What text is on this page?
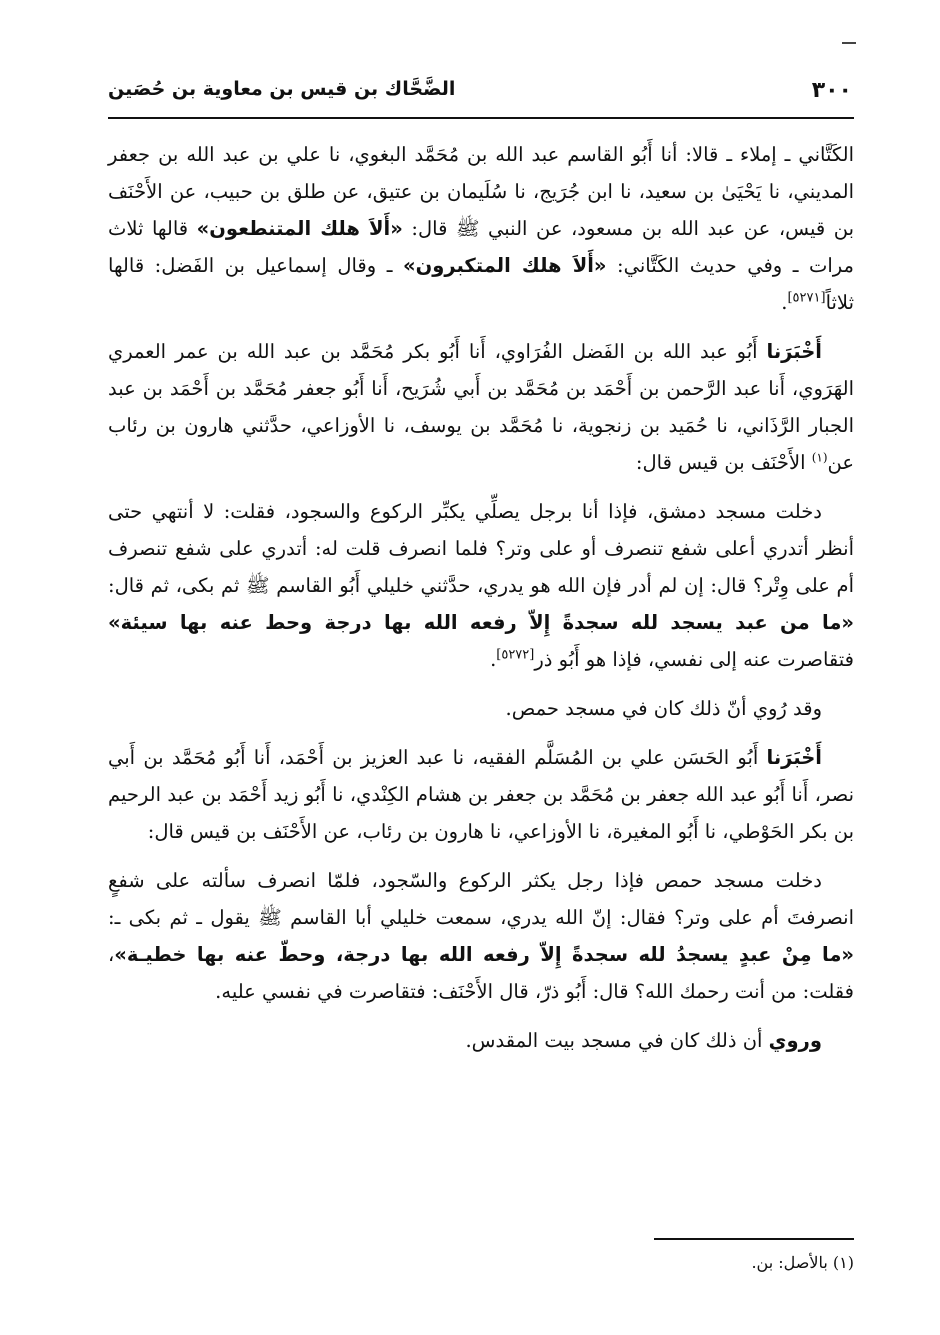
٣٠٠
الضَّحَّاك بن قيس بن معاوية بن حُصَين

الكَتَّاني ـ إملاء ـ قالا: أنا أَبُو القاسم عبد الله بن مُحَمَّد البغوي، نا علي بن عبد الله بن جعفر المديني، نا يَحْيَىٰ بن سعيد، نا ابن جُرَيج، نا سُلَيمان بن عتيق، عن طلق بن حبيب، عن الأَحْنَف بن قيس، عن عبد الله بن مسعود، عن النبي ﷺ قال: «أَلاَ هلك المتنطعون» قالها ثلاث مرات ـ وفي حديث الكَتَّاني: «أَلاَ هلك المتكبرون» ـ وقال إسماعيل بن الفَضل: قالها ثلاثاً[٥٢٧١].

أَخْبَرَنا أَبُو عبد الله بن الفَضل الفُرَاوي، أَنا أَبُو بكر مُحَمَّد بن عبد الله بن عمر العمري الهَرَوي، أَنا عبد الرَّحمن بن أَحْمَد بن مُحَمَّد بن أَبي شُرَيح، أَنا أَبُو جعفر مُحَمَّد بن أَحْمَد بن عبد الجبار الرَّذَاني، نا حُمَيد بن زنجوية، نا مُحَمَّد بن يوسف، نا الأوزاعي، حدَّثني هارون بن رئاب عن$^{(١)}$ الأَحْنَف بن قيس قال:

دخلت مسجد دمشق، فإذا أنا برجل يصلِّي يكبِّر الركوع والسجود، فقلت: لا أنتهي حتى أنظر أتدري أعلى شفع تنصرف أو على وتر؟ فلما انصرف قلت له: أتدري على شفع تنصرف أم على وِتْر؟ قال: إن لم أدر فإن الله هو يدري، حدَّثني خليلي أَبُو القاسم ﷺ ثم بكى، ثم قال: «ما من عبد يسجد لله سجدةً إِلاّ رفعه الله بها درجة وحط عنه بها سيئة» فتقاصرت عنه إلى نفسي، فإذا هو أَبُو ذر[٥٢٧٢].

وقد رُوي أنّ ذلك كان في مسجد حمص.

أَخْبَرَنا أَبُو الحَسَن علي بن المُسَلَّم الفقيه، نا عبد العزيز بن أَحْمَد، أَنا أَبُو مُحَمَّد بن أَبي نصر، أَنا أَبُو عبد الله جعفر بن مُحَمَّد بن جعفر بن هشام الكِنْدي، نا أَبُو زيد أَحْمَد بن عبد الرحيم بن بكر الحَوْطي، نا أَبُو المغيرة، نا الأوزاعي، نا هارون بن رئاب، عن الأَحْنَف بن قيس قال:

دخلت مسجد حمص فإذا رجل يكثر الركوع والسّجود، فلمّا انصرف سألته على شفعٍ انصرفتَ أم على وتر؟ فقال: إنّ الله يدري، سمعت خليلي أبا القاسم ﷺ يقول ـ ثم بكى ـ: «ما مِنْ عبدٍ يسجدُ لله سجدةً إِلاّ رفعه الله بها درجة، وحطّ عنه بها خطيـة»، فقلت: من أنت رحمك الله؟ قال: أَبُو ذرّ، قال الأَحْنَف: فتقاصرت في نفسي عليه.

وروي أن ذلك كان في مسجد بيت المقدس.

(١) بالأصل: بن.
